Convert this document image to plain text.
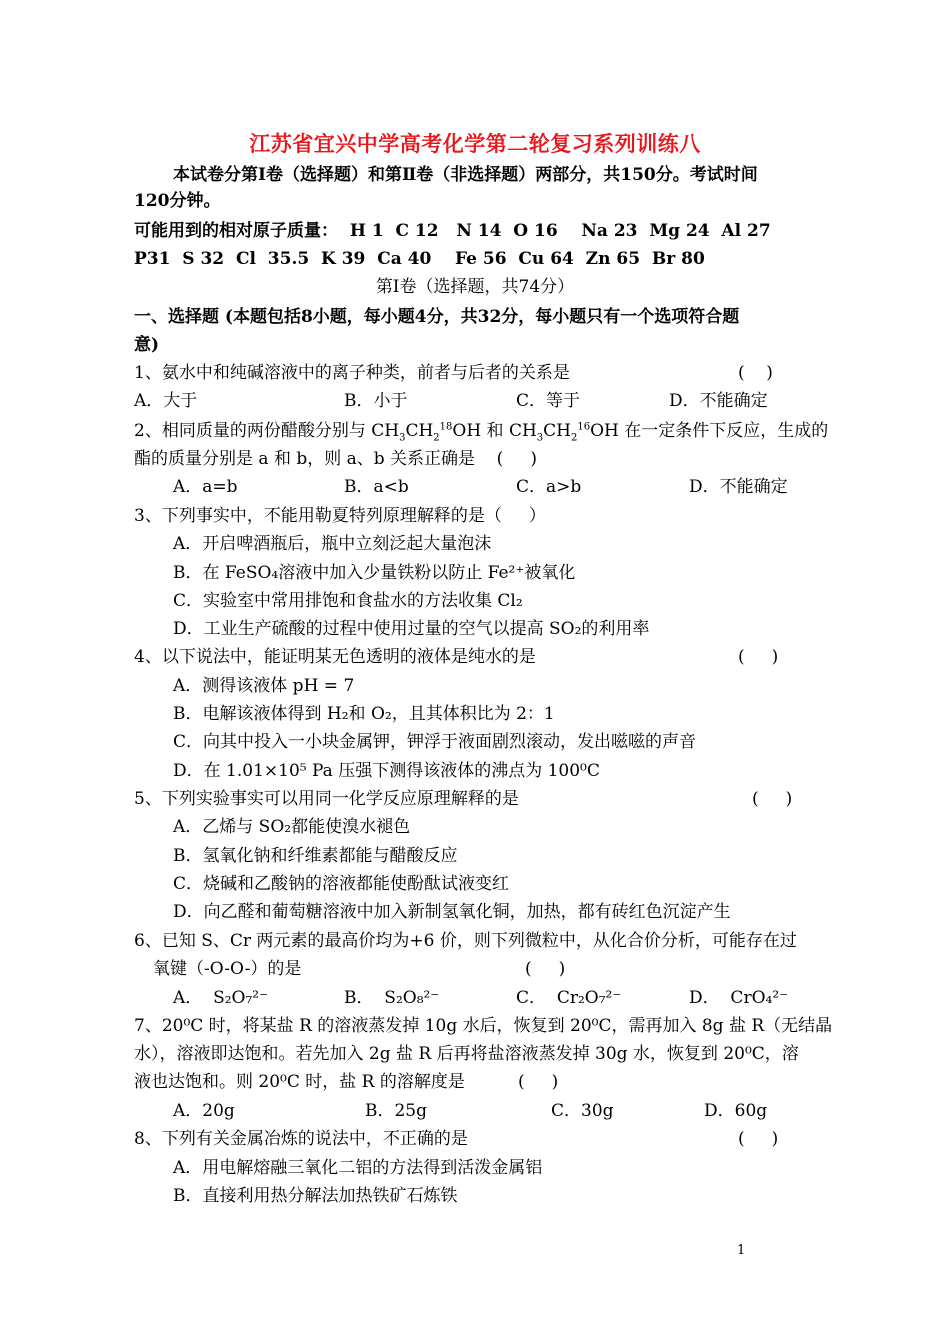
江苏省宜兴中学高考化学第二轮复习系列训练八
本试卷分第Ⅰ卷（选择题）和第Ⅱ卷（非选择题）两部分，共150分。考试时间
120分钟。
可能用到的相对原子质量：  H 1  C 12   N 14  O 16    Na 23  Mg 24  Al 27
P31  S 32  Cl  35.5  K 39  Ca 40    Fe 56  Cu 64  Zn 65  Br 80
第Ⅰ卷（选择题，共74分）
一、选择题 (本题包括8小题，每小题4分，共32分，每小题只有一个选项符合题
意)
1、氨水中和纯碱溶液中的离子种类，前者与后者的关系是	(    )
A．大于	B．小于	C．等于	D．不能确定
2、相同质量的两份醋酸分别与 $CH_3CH_2^{18}OH$ 和 $CH_3CH_2^{16}OH$ 在一定条件下反应，生成的
酯的质量分别是 a 和 b，则 a、b 关系正确是    (     )
A．a=b	B．a<b	C．a>b	D．不能确定
3、下列事实中，不能用勒夏特列原理解释的是（     ）
A．开启啤酒瓶后，瓶中立刻泛起大量泡沫
B．在 FeSO₄溶液中加入少量铁粉以防止 Fe²⁺被氧化
C．实验室中常用排饱和食盐水的方法收集 Cl₂
D．工业生产硫酸的过程中使用过量的空气以提高 SO₂的利用率
4、以下说法中，能证明某无色透明的液体是纯水的是	(     )
A．测得该液体 pH = 7
B．电解该液体得到 H₂和 O₂，且其体积比为 2：1
C．向其中投入一小块金属钾，钾浮于液面剧烈滚动，发出嗞嗞的声音
D．在 1.01×10⁵ Pa 压强下测得该液体的沸点为 100⁰C
5、下列实验事实可以用同一化学反应原理解释的是	(     )
A．乙烯与 SO₂都能使溴水褪色
B．氢氧化钠和纤维素都能与醋酸反应
C．烧碱和乙酸钠的溶液都能使酚酞试液变红
D．向乙醛和葡萄糖溶液中加入新制氢氧化铜，加热，都有砖红色沉淀产生
6、已知 S、Cr 两元素的最高价均为+6 价，则下列微粒中，从化合价分析，可能存在过
氧键（-O-O-）的是	(     )
A．  S₂O₇²⁻	B．  S₂O₈²⁻	C．  Cr₂O₇²⁻	D．  CrO₄²⁻
7、20⁰C 时，将某盐 R 的溶液蒸发掉 10g 水后，恢复到 20⁰C，需再加入 8g 盐 R（无结晶
水），溶液即达饱和。若先加入 2g 盐 R 后再将盐溶液蒸发掉 30g 水，恢复到 20⁰C，溶
液也达饱和。则 20⁰C 时，盐 R 的溶解度是	(     )
A．20g	B．25g	C．30g	D．60g
8、下列有关金属冶炼的说法中，不正确的是	(     )
A．用电解熔融三氧化二铝的方法得到活泼金属铝
B．直接利用热分解法加热铁矿石炼铁
1
